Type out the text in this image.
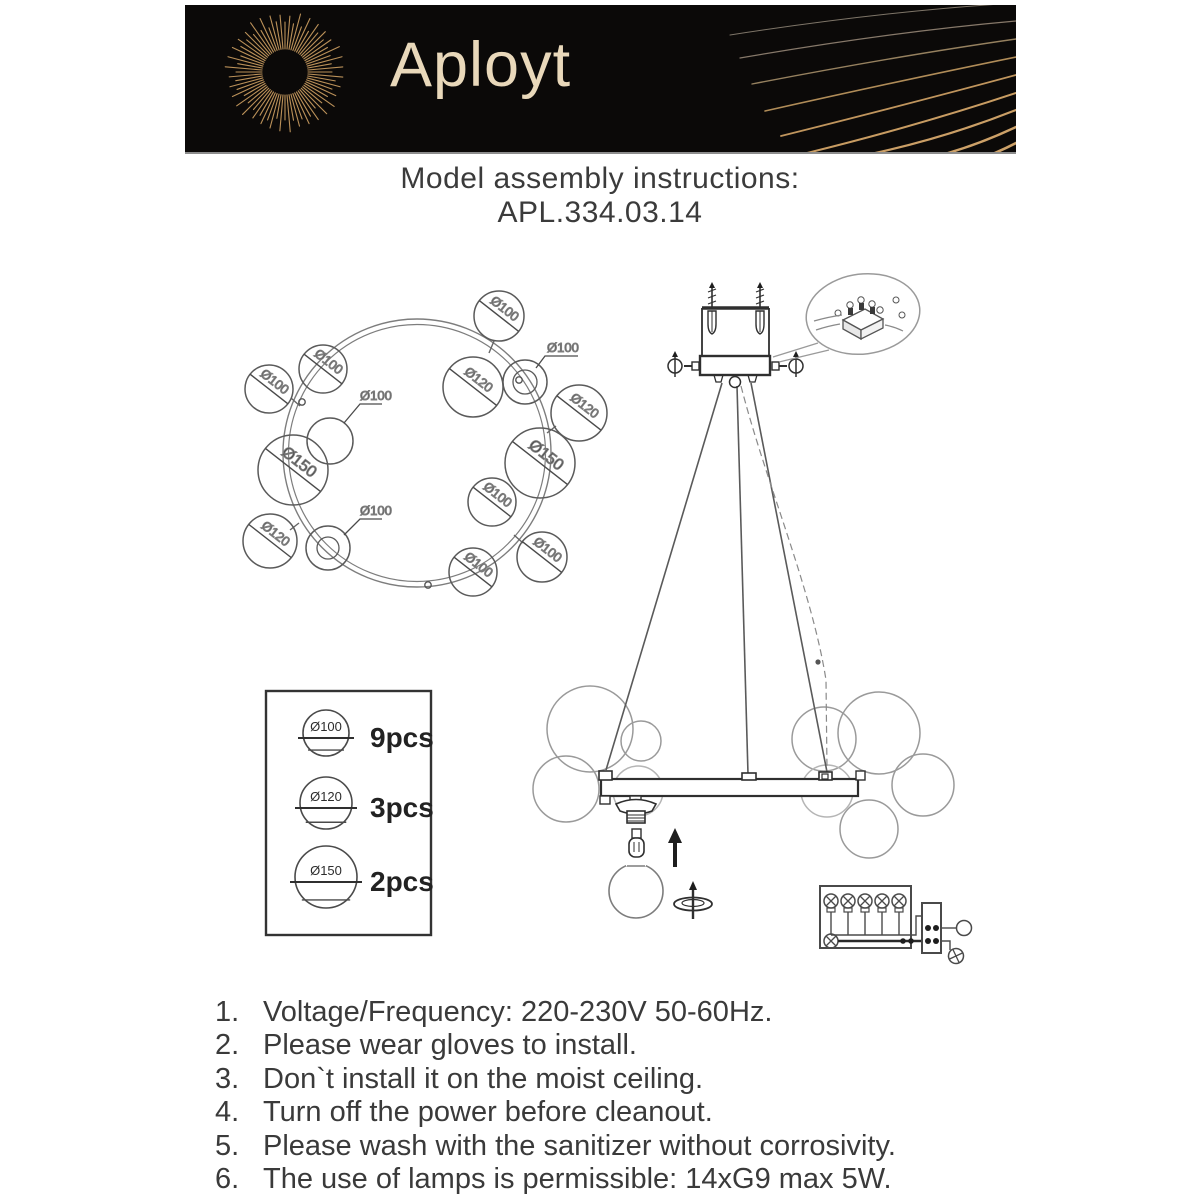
Aployt
Model assembly instructions:
APL.334.03.14
Ø100
Ø100
Ø100	Ø100
Ø150
Ø120
Ø100
Ø100	Ø100
Ø100
Ø150
Ø120
Ø120
Ø100
Ø100 9pcs
Ø120 3pcs
Ø150 2pcs
1. Voltage/Frequency: 220-230V 50-60Hz.
2. Please wear gloves to install.
3. Don`t install it on the moist ceiling.
4. Turn off the power before cleanout.
5. Please wash with the sanitizer without corrosivity.
6. The use of lamps is permissible: 14xG9 max 5W.
